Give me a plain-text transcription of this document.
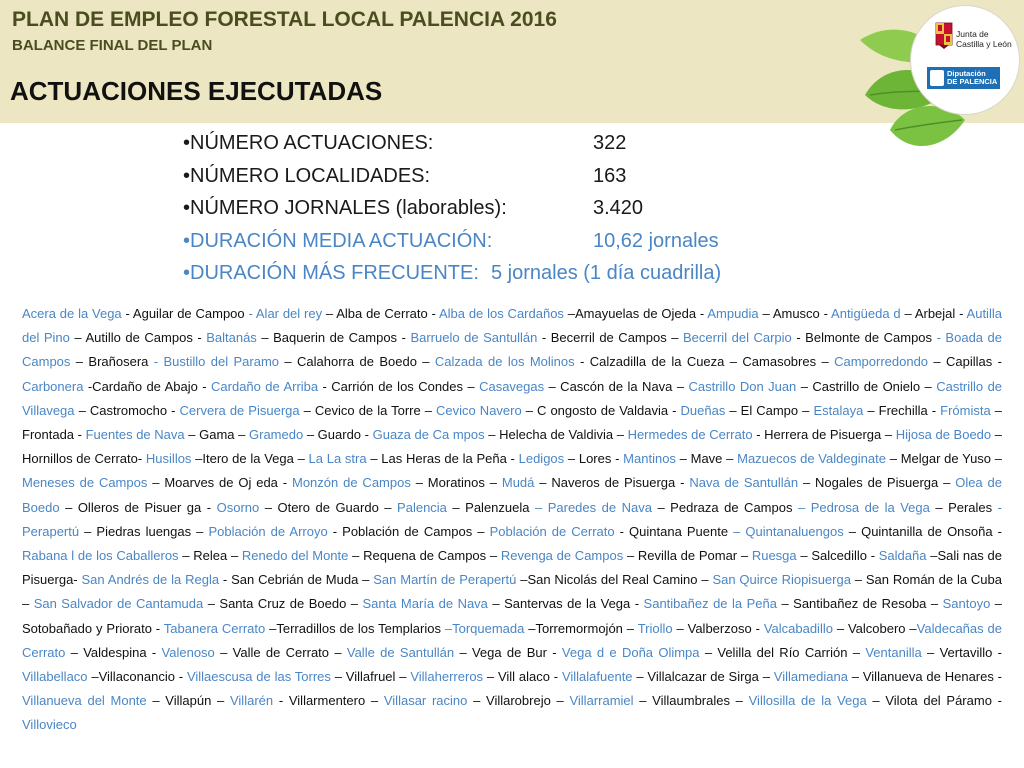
PLAN DE EMPLEO FORESTAL LOCAL PALENCIA 2016
BALANCE FINAL DEL PLAN
ACTUACIONES EJECUTADAS
Junta de
Castilla y León
Diputación
DE PALENCIA
•NÚMERO ACTUACIONES:	322
•NÚMERO LOCALIDADES:	163
•NÚMERO JORNALES (laborables):	3.420
•DURACIÓN MEDIA ACTUACIÓN:	10,62 jornales
•DURACIÓN MÁS FRECUENTE: 5 jornales (1 día cuadrilla)
Acera de la Vega - Aguilar de Campoo - Alar del rey – Alba de Cerrato - Alba de los Cardaños –Amayuelas de Ojeda - Ampudia – Amusco - Antigüeda d – Arbejal - Autilla del Pino – Autillo de Campos - Baltanás – Baquerin de Campos - Barruelo de Santullán - Becerril de Campos – Becerril del Carpio - Belmonte de Campos - Boada de Campos – Brañosera - Bustillo del Paramo – Calahorra de Boedo – Calzada de los Molinos - Calzadilla de la Cueza – Camasobres – Camporredondo – Capillas - Carbonera -Cardaño de Abajo - Cardaño de Arriba - Carrión de los Condes – Casavegas – Cascón de la Nava – Castrillo Don Juan – Castrillo de Onielo – Castrillo de Villavega – Castromocho - Cervera de Pisuerga – Cevico de la Torre – Cevico Navero – C ongosto de Valdavia - Dueñas – El Campo – Estalaya – Frechilla - Frómista – Frontada - Fuentes de Nava – Gama – Gramedo – Guardo - Guaza de Ca mpos – Helecha de Valdivia – Hermedes de Cerrato - Herrera de Pisuerga – Hijosa de Boedo – Hornillos de Cerrato- Husillos –Itero de la Vega – La La stra – Las Heras de la Peña - Ledigos – Lores - Mantinos – Mave – Mazuecos de Valdeginate – Melgar de Yuso – Meneses de Campos – Moarves de Oj eda - Monzón de Campos – Moratinos – Mudá – Naveros de Pisuerga - Nava de Santullán – Nogales de Pisuerga – Olea de Boedo – Olleros de Pisuer ga - Osorno – Otero de Guardo – Palencia – Palenzuela – Paredes de Nava – Pedraza de Campos – Pedrosa de la Vega – Perales - Perapertú – Piedras luengas – Población de Arroyo - Población de Campos – Población de Cerrato - Quintana Puente – Quintanaluengos – Quintanilla de Onsoña - Rabana l de los Caballeros – Relea – Renedo del Monte – Requena de Campos – Revenga de Campos – Revilla de Pomar – Ruesga – Salcedillo - Saldaña –Sali nas de Pisuerga- San Andrés de la Regla - San Cebrián de Muda – San Martín de Perapertú –San Nicolás del Real Camino – San Quirce Riopisuerga – San Román de la Cuba – San Salvador de Cantamuda – Santa Cruz de Boedo – Santa María de Nava – Santervas de la Vega - Santibañez de la Peña – Santibañez de Resoba – Santoyo – Sotobañado y Priorato - Tabanera Cerrato –Terradillos de los Templarios –Torquemada –Torremormojón – Triollo – Valberzoso - Valcabadillo – Valcobero –Valdecañas de Cerrato – Valdespina - Valenoso – Valle de Cerrato – Valle de Santullán – Vega de Bur - Vega d e Doña Olimpa – Velilla del Río Carrión – Ventanilla – Vertavillo - Villabellaco –Villaconancio - Villaescusa de las Torres – Villafruel – Villaherreros – Vill alaco - Villalafuente – Villalcazar de Sirga – Villamediana – Villanueva de Henares - Villanueva del Monte – Villapún – Villarén - Villarmentero – Villasar racino – Villarobrejo – Villarramiel – Villaumbrales – Villosilla de la Vega – Vilota del Páramo - Villovieco
